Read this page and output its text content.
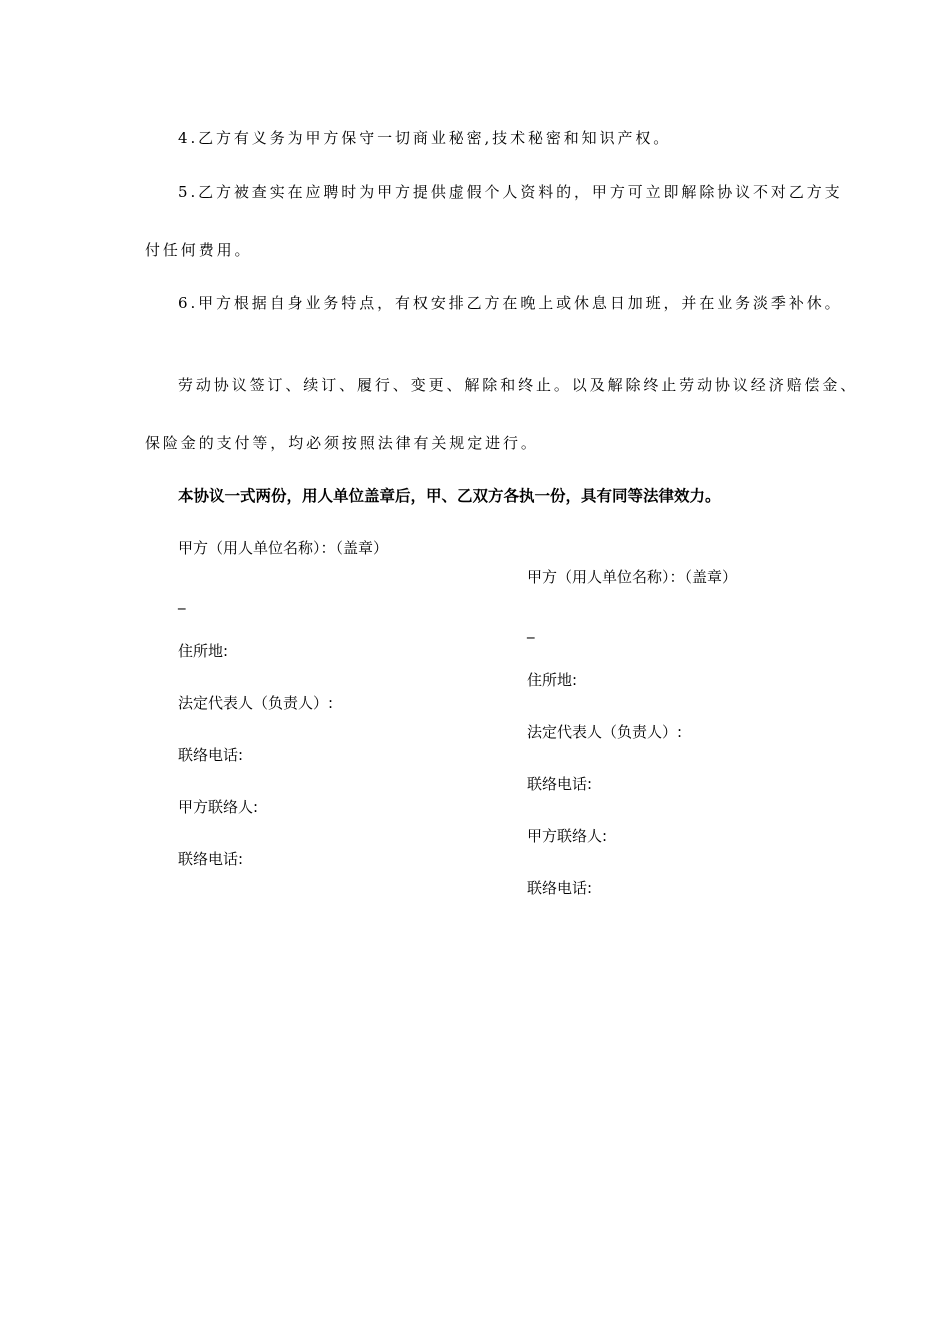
4.乙方有义务为甲方保守一切商业秘密,技术秘密和知识产权。
5.乙方被查实在应聘时为甲方提供虚假个人资料的，甲方可立即解除协议不对乙方支
付任何费用。
6.甲方根据自身业务特点，有权安排乙方在晚上或休息日加班，并在业务淡季补休。
劳动协议签订、续订、履行、变更、解除和终止。以及解除终止劳动协议经济赔偿金、
保险金的支付等，均必须按照法律有关规定进行。
本协议一式两份，用人单位盖章后，甲、乙双方各执一份，具有同等法律效力。
甲方（用人单位名称）：（盖章）
_
住所地:
法定代表人（负责人）:
联络电话:
甲方联络人:
联络电话:
甲方（用人单位名称）：（盖章）
_
住所地:
法定代表人（负责人）:
联络电话:
甲方联络人:
联络电话:
